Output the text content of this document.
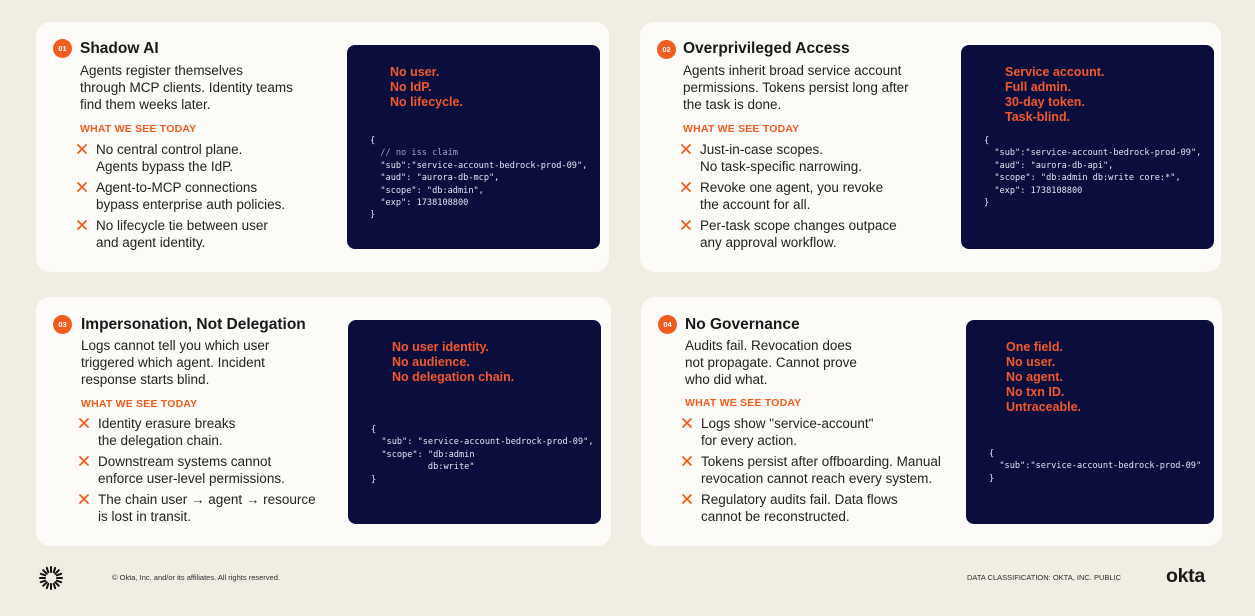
01 Shadow AI
Agents register themselves
through MCP clients. Identity teams
find them weeks later.
WHAT WE SEE TODAY
No central control plane.
Agents bypass the IdP.
Agent-to-MCP connections
bypass enterprise auth policies.
No lifecycle tie between user
and agent identity.
No user.
No IdP.
No lifecycle.
{
// no iss claim
"sub":"service-account-bedrock-prod-09",
"aud": "aurora-db-mcp",
"scope": "db:admin",
"exp": 1738108800
}
02 Overprivileged Access
Agents inherit broad service account
permissions. Tokens persist long after
the task is done.
WHAT WE SEE TODAY
Just-in-case scopes.
No task-specific narrowing.
Revoke one agent, you revoke
the account for all.
Per-task scope changes outpace
any approval workflow.
Service account.
Full admin.
30-day token.
Task-blind.
{
"sub":"service-account-bedrock-prod-09",
"aud": "aurora-db-api",
"scope": "db:admin db:write core:*",
"exp": 1738108800
}
03 Impersonation, Not Delegation
Logs cannot tell you which user
triggered which agent. Incident
response starts blind.
WHAT WE SEE TODAY
Identity erasure breaks
the delegation chain.
Downstream systems cannot
enforce user-level permissions.
The chain user → agent → resource
is lost in transit.
No user identity.
No audience.
No delegation chain.
{
"sub": "service-account-bedrock-prod-09",
"scope": "db:admin
db:write"
}
04 No Governance
Audits fail. Revocation does
not propagate. Cannot prove
who did what.
WHAT WE SEE TODAY
Logs show "service-account"
for every action.
Tokens persist after offboarding. Manual
revocation cannot reach every system.
Regulatory audits fail. Data flows
cannot be reconstructed.
One field.
No user.
No agent.
No txn ID.
Untraceable.
{
"sub":"service-account-bedrock-prod-09"
}
© Okta, Inc. and/or its affiliates. All rights reserved.	DATA CLASSIFICATION: OKTA, INC. PUBLIC okta
